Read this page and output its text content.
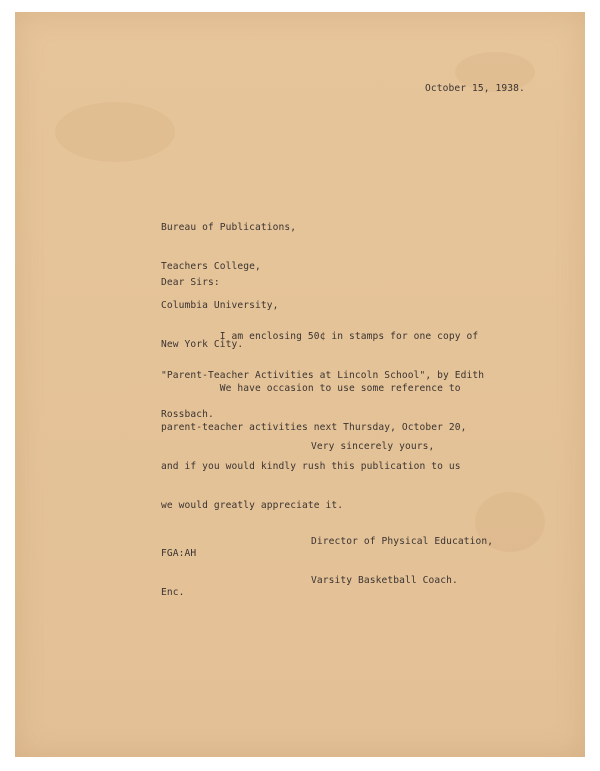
October 15, 1938.

Bureau of Publications,

Teachers College,

Columbia University,

New York City.

Dear Sirs:

I am enclosing 50¢ in stamps for one copy of

"Parent-Teacher Activities at Lincoln School", by Edith

Rossbach.

We have occasion to use some reference to

parent-teacher activities next Thursday, October 20,

and if you would kindly rush this publication to us

we would greatly appreciate it.

Very sincerely yours,

Director of Physical Education,

Varsity Basketball Coach.

FGA:AH

Enc.
